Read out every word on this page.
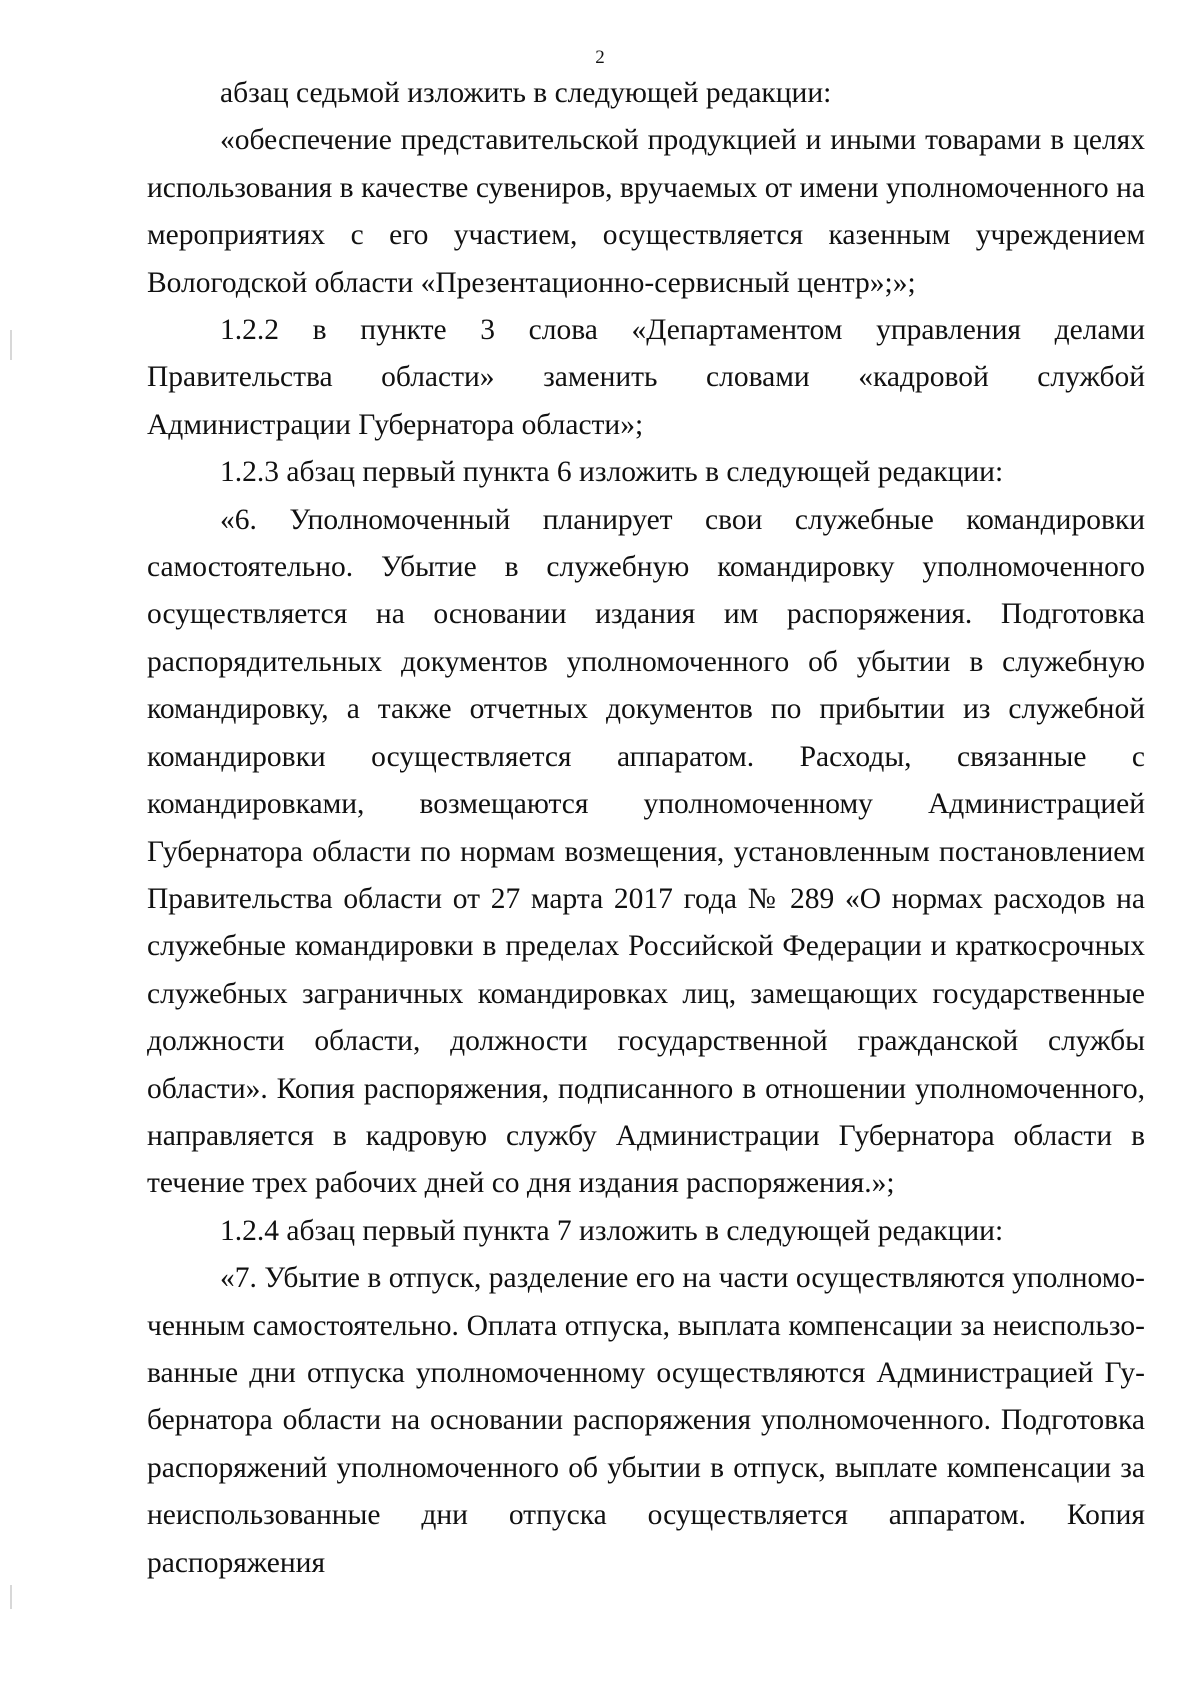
2

абзац седьмой изложить в следующей редакции:

«обеспечение представительской продукцией и иными товарами в целях использования в качестве сувениров, вручаемых от имени уполномоченного на мероприятиях с его участием, осуществляется казенным учреждением Вологодской области «Презентационно-сервисный центр»;»;

1.2.2 в пункте 3 слова «Департаментом управления делами Правительства области» заменить словами «кадровой службой Администрации Губернатора области»;

1.2.3 абзац первый пункта 6 изложить в следующей редакции:

«6. Уполномоченный планирует свои служебные командировки самостоятельно. Убытие в служебную командировку уполномоченного осуществляется на основании издания им распоряжения. Подготовка распорядительных документов уполномоченного об убытии в служебную командировку, а также отчетных документов по прибытии из служебной командировки осуществляется аппаратом. Расходы, связанные с командировками, возмещаются уполномоченному Администрацией Губернатора области по нормам возмещения, установленным постановлением Правительства области от 27 марта 2017 года № 289 «О нормах расходов на служебные командировки в пределах Российской Федерации и краткосрочных служебных заграничных командировках лиц, замещающих государственные должности области, должности государственной гражданской службы области». Копия распоряжения, подписанного в отношении уполномоченного, направляется в кадровую службу Администрации Губернатора области в течение трех рабочих дней со дня издания распоряжения.»;

1.2.4 абзац первый пункта 7 изложить в следующей редакции:

«7. Убытие в отпуск, разделение его на части осуществляются уполномоченным самостоятельно. Оплата отпуска, выплата компенсации за неиспользованные дни отпуска уполномоченному осуществляются Администрацией Губернатора области на основании распоряжения уполномоченного. Подготовка распоряжений уполномоченного об убытии в отпуск, выплате компенсации за неиспользованные дни отпуска осуществляется аппаратом. Копия распоряжения
